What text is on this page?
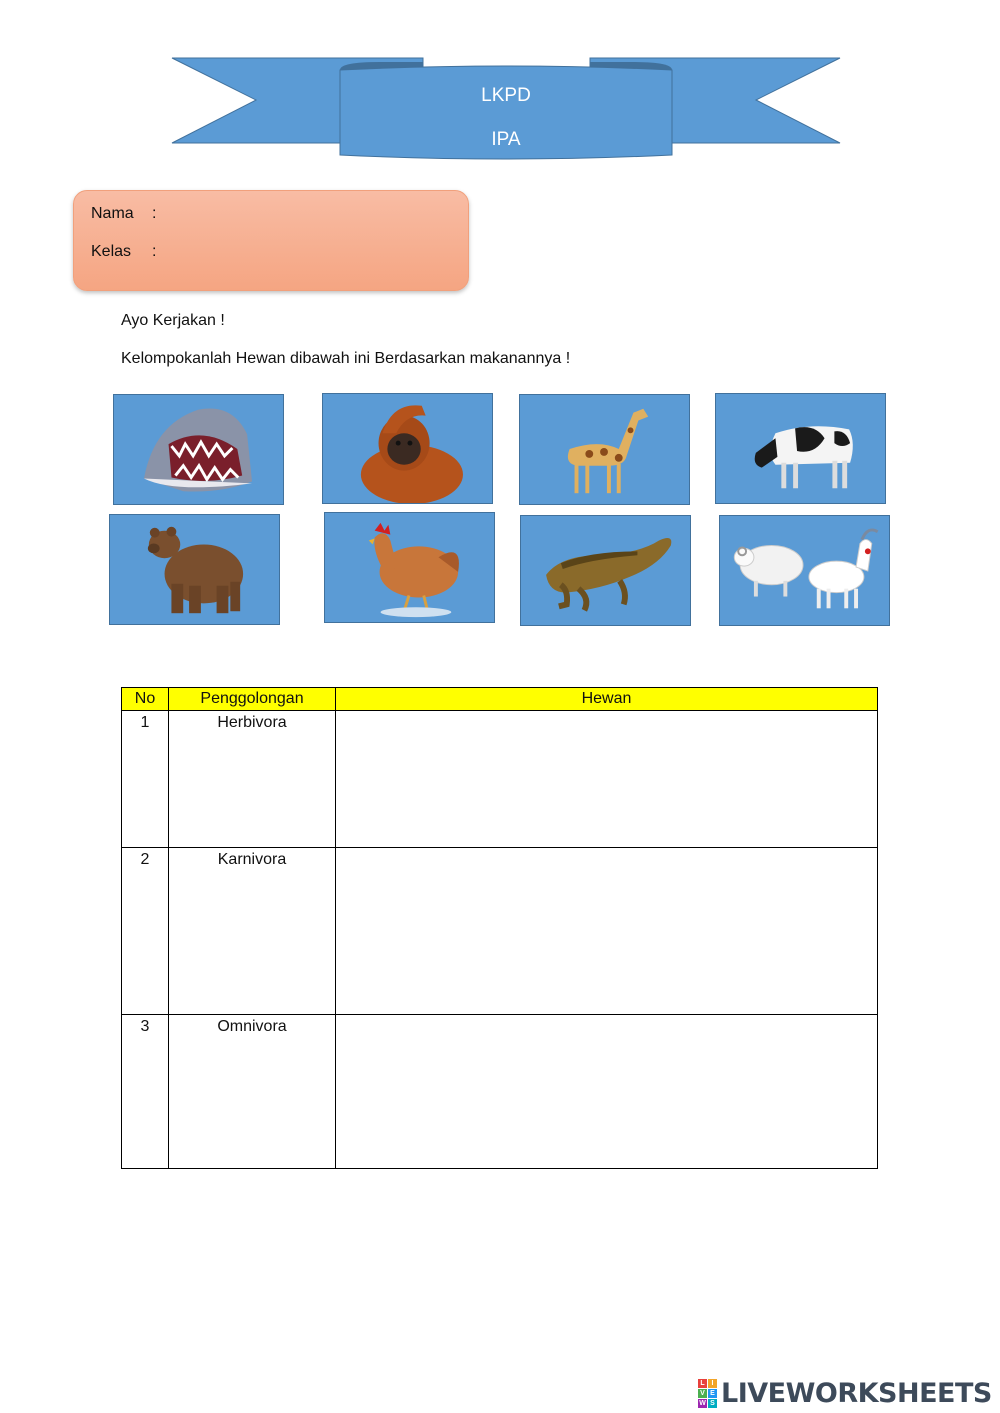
LKPD
IPA
Nama :
Kelas :
Ayo Kerjakan !
Kelompokanlah Hewan dibawah ini Berdasarkan makanannya !
No	Penggolongan	Hewan
1	Herbivora	
2	Karnivora	
3	Omnivora	
L I
V E
W S LIVEWORKSHEETS
